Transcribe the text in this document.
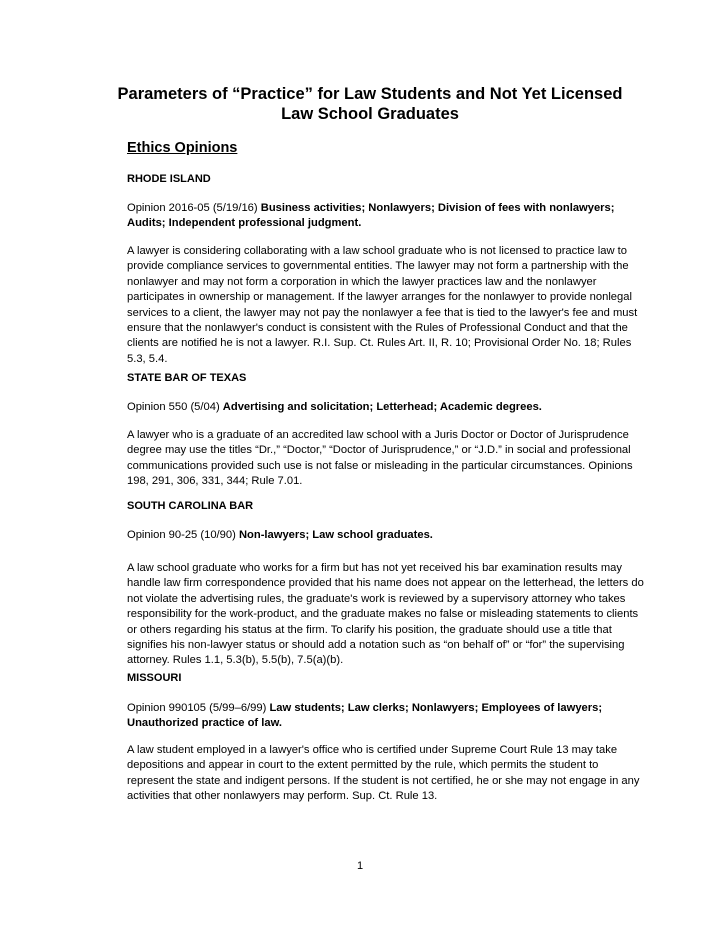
Parameters of “Practice” for Law Students and Not Yet Licensed
Law School Graduates
Ethics Opinions
RHODE ISLAND
Opinion 2016-05 (5/19/16) Business activities; Nonlawyers; Division of fees with nonlawyers; Audits; Independent professional judgment.
A lawyer is considering collaborating with a law school graduate who is not licensed to practice law to provide compliance services to governmental entities. The lawyer may not form a partnership with the nonlawyer and may not form a corporation in which the lawyer practices law and the nonlawyer participates in ownership or management. If the lawyer arranges for the nonlawyer to provide nonlegal services to a client, the lawyer may not pay the nonlawyer a fee that is tied to the lawyer's fee and must ensure that the nonlawyer's conduct is consistent with the Rules of Professional Conduct and that the clients are notified he is not a lawyer. R.I. Sup. Ct. Rules Art. II, R. 10; Provisional Order No. 18; Rules 5.3, 5.4.
STATE BAR OF TEXAS
Opinion 550 (5/04) Advertising and solicitation; Letterhead; Academic degrees.
A lawyer who is a graduate of an accredited law school with a Juris Doctor or Doctor of Jurisprudence degree may use the titles “Dr.,” “Doctor,” “Doctor of Jurisprudence,” or “J.D.” in social and professional communications provided such use is not false or misleading in the particular circumstances. Opinions 198, 291, 306, 331, 344; Rule 7.01.
SOUTH CAROLINA BAR
Opinion 90-25 (10/90) Non-lawyers; Law school graduates.
A law school graduate who works for a firm but has not yet received his bar examination results may handle law firm correspondence provided that his name does not appear on the letterhead, the letters do not violate the advertising rules, the graduate's work is reviewed by a supervisory attorney who takes responsibility for the work-product, and the graduate makes no false or misleading statements to clients or others regarding his status at the firm. To clarify his position, the graduate should use a title that signifies his non-lawyer status or should add a notation such as “on behalf of” or “for” the supervising attorney. Rules 1.1, 5.3(b), 5.5(b), 7.5(a)(b).
MISSOURI
Opinion 990105 (5/99–6/99) Law students; Law clerks; Nonlawyers; Employees of lawyers; Unauthorized practice of law.
A law student employed in a lawyer's office who is certified under Supreme Court Rule 13 may take depositions and appear in court to the extent permitted by the rule, which permits the student to represent the state and indigent persons. If the student is not certified, he or she may not engage in any activities that other nonlawyers may perform. Sup. Ct. Rule 13.
1
